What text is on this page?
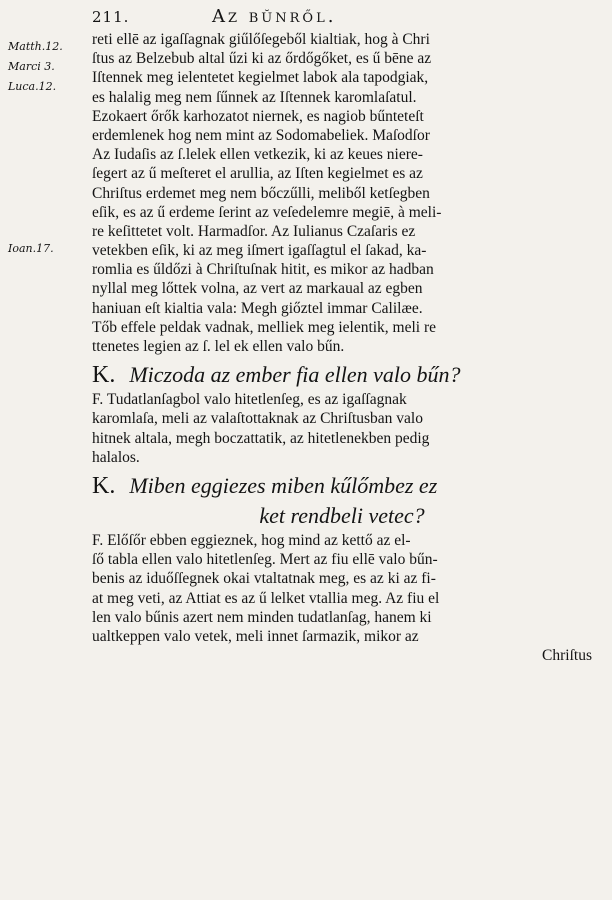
211.	Az bŭnről.
Matth.12.
Marci 3.
Luca.12.
Ioan.17.
reti ellē az igaſſagnak giűlőſegeből kialtiak, hog à Chri
ſtus az Belzebub altal űzi ki az őrdőgőket, es ű bēne az
Iſtennek meg ielentetet kegielmet labok ala tapodgiak,
es halalig meg nem ſűnnek az Iſtennek karomlaſatul.
Ezokaert őrők karhozatot niernek, es nagiob bűnteteſt
erdemlenek hog nem mint az Sodomabeliek. Maſodſor
Az Iudaſis az ſ.lelek ellen vetkezik, ki az keues niere-
ſegert az ű meſteret el arullia, az Iſten kegielmet es az
Chriſtus erdemet meg nem bőczűlli, meliből ketſegben
eſik, es az ű erdeme ſerint az veſedelemre megiē, à meli-
re keſittetet volt. Harmadſor. Az Iulianus Czaſaris ez
vetekben eſik, ki az meg iſmert igaſſagtul el ſakad, ka-
romlia es űldőzi à Chriſtuſnak hitit, es mikor az hadban
nyllal meg lőttek volna, az vert az markaual az egben
haniuan eſt kialtia vala: Megh giőztel immar Calilæe.
Tőb effele peldak vadnak, melliek meg ielentik, meli re
ttenetes legien az ſ. lel ek ellen valo bűn.
K. Miczoda az ember fia ellen valo bűn?
F. Tudatlanſagbol valo hitetlenſeg, es az igaſſagnak
karomlaſa, meli az valaſtottaknak az Chriſtusban valo
hitnek altala, megh boczattatik, az hitetlenekben pedig
halalos.
K. Miben eggiezes miben kűlőmbez ez
ket rendbeli vetec?
F. Előſőr ebben eggieznek, hog mind az kettő az el-
ſő tabla ellen valo hitetlenſeg. Mert az fiu ellē valo bűn-
benis az iduőſſegnek okai vtaltatnak meg, es az ki az fi-
at meg veti, az Attiat es az ű lelket vtallia meg. Az fiu el
len valo bűnis azert nem minden tudatlanſag, hanem ki
ualtkeppen valo vetek, meli innet ſarmazik, mikor az
Chriſtus
